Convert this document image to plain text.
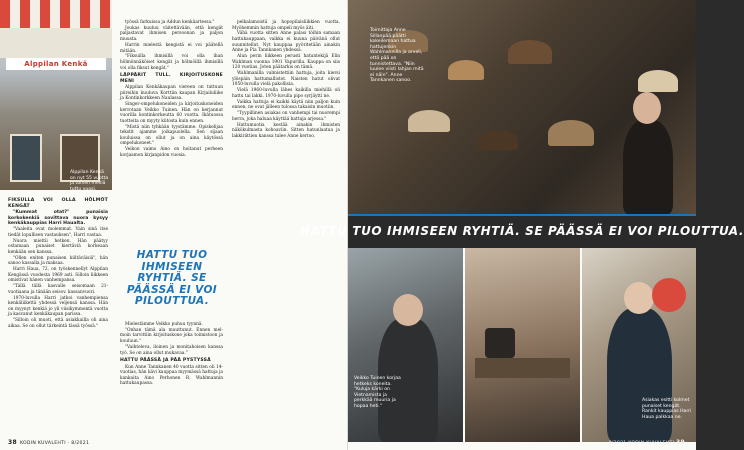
Alppilan Kenkä
Alppilan Kenkä on nyt 55 vuotta ja toinen meillä tuttu vuosi.
FIKSULLA VOI OLLA HÖLMÖT KENGÄT

"Kummat otat?" punaisia korkokenkiä sovittava nuora kysyy kenkäkauppias Harri Haualta.

"Vaaleita ovat molemmat. Vain sinä itse tiedät lopullisen vastauksen", Harri vastaa.

Nuora miettii hetken. Hän päätyy ostamaan punaiset kiertäviä korkeaan kenkään sen kanssa.

"Ollen eniten punaisen kiiltäväisiä", hän sanoo kassalla ja maksaa.

Harri Haua, 72, on työskennellyt Alppilan Kengässä vuodesta 1969 asti. Silloin liikkeen omistivat hänen vanhempansa.

"Tällä tällä kasvalle seisomaan 21-vuotiaana ja tänään seisov. kassanvuori.

1970-luvulla Harri jatkoi vanhempiensa kenkäliikettä yhdessä veljensä kanssa. Hän on myynyt kenkiä jo yli viisikymmentä vuotta ja kasvanut kenkäkaupan parissa.

"Silloin oli muoti, että asiakkailla oli aina aikaa. Se on ollut tärkeintä tässä työssä."

työssä farkuissa ja Addun kenkäartessa."

Joukas kuuluu väitettävään, että kengät paljastavat ihmisen persoonan ja paljon muusta.

Harrin mielestä kengistä ei voi päätellä mitään.

"Fiksuilla ihmisillä voi olla ihan hölmönnäköiset kengät ja hölmöillä ihmisillä voi olla fiksut kengät."

LÄPPÄRIT TULL. KIRJOITUSKONE MENI

Alppilan Kenkäkaupan viereen on tuttuun piireihin kuuluva Korttiin kaupan Kirjailuliike ja Kontinkorkkeen Naulassa.

Singer-ompelukoneiden ja kirjoituskoneiden kerrotaan Veikko Tuinen. Hän on kerjannut vuorilla kontinkorkeutta 60 vuotta. Ikätuossa tuotteita on myyty kiitosta kuin ennen.

"Mistä niin tyhkään tyystämme. Opiskelijaa tekstit ajamme joikapuolella. Sen sijaan kouluissa on ollut ja on aina käytössä ompelukoneet."

Veikon vaimo Aino on hoitanut perheen korjaamon kirjanpidon vuosia.

HATTU TUO IHMISEEN RYHTIÄ. SE PÄÄSSÄ EI VOI PILOUTTUA.

Mielestämme Veikko puhuu tyynnä.

"Onhan tämä ala muuttunut. Ennen mel-moin tarvittiin kirjoituskone joka toimistoon ja kouluun."

"Vaihteleva, iloinen ja monitahoisen kanssa työ. Se on aina ollut mukavaa."

HATTU PÄÄSSÄ JA PÄÄ PYSTYSSÄ

Kun Anne Tannkanen 40 vuotta sitten oli 14-vuotias, hän kävi kauppaa myymässä hattuja ja kankaita Aino Perhonen R. Wahlmannin hattukaupassa.

pelkalamoistä ja hopopilaisliikkien vuotta. Myöhemmin hattuja ompeli myös äiti.

Vähä vuotta sitten Anne palasi töihin samaan hattukauppaan, vaikka ei kuuna päivänä ollut suunnitellut. Nyt kauppaa pyöritetään ainakin Anne ja Pia Tannkanen yhdessä.

Alun perin liikkeen perusti hatuntekijä Elin Wahlman vuonna 1901 Vapurilla. Kauppa on siis 120 vuotias. Joten päätarkis on tämä.

Wahlmanilla valmistettiin hattuja, joita kiersi ylöspäin hattumallistot. Naisten hatut olivat 1950-luvulla vielä pakollisia.

Vielä 1960-luvulla lähes kaikilla miehillä oli hattu tai lakki. 1970-luvulla pipo syrjäytti ne.

Vaikka hattuja ei kaikki käytä niin paljon kuin ennen, ne ovat jälleen tulossa takaisin muotiin.

"Tyypillinen asiakas on vanhempi tai nuorempi herra, joka haluaa käyttää hattuja arjessa."

Hattumuotia kestää ainakin ihmisten näkökulmasta kohoaviin. Sitten hatunlaatua ja lakkirättien kanssa tulee Anne kertoo.

38 KODIN KUVALEHTI · 8/2021
Toimittaja Anne Sillanpää päätti kokeilemaan hattua hattujenkin Wahlmannilla ja arveli, että pää on tunnistettava. "Niin luulee viisti lahjan mitä ei näin". Anne Tannkanen sanoo.
HATTU TUO IHMISEEN RYHTIÄ. SE PÄÄSSÄ EI VOI PILOUTTUA.
Veikko Tuinen korjaa hetkeks koneita. "Kuluja kärki on Vietnamista ja perkkää muuria ja hopaa heti."
Asiakas esitti kolmet punaiset kengät. Rankit kauppias Harri Haua palkkaa ne.
8/2021 KODIN KUVALEHTI 39
